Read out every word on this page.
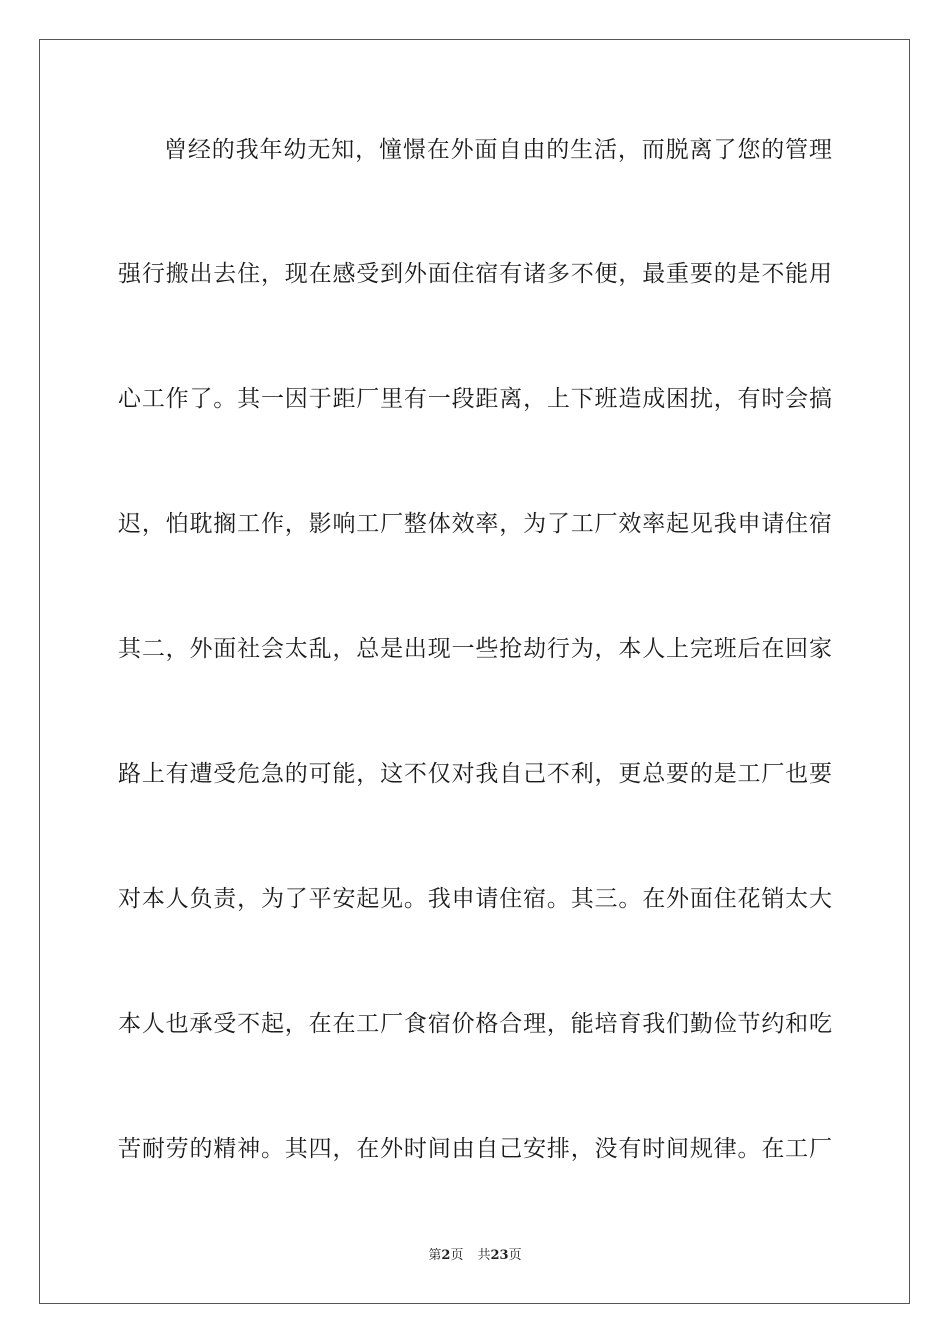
曾经的我年幼无知，憧憬在外面自由的生活，而脱离了您的管理
强行搬出去住，现在感受到外面住宿有诸多不便，最重要的是不能用
心工作了。其一因于距厂里有一段距离，上下班造成困扰，有时会搞
迟，怕耽搁工作，影响工厂整体效率，为了工厂效率起见我申请住宿
其二，外面社会太乱，总是出现一些抢劫行为，本人上完班后在回家
路上有遭受危急的可能，这不仅对我自己不利，更总要的是工厂也要
对本人负责，为了平安起见。我申请住宿。其三。在外面住花销太大
本人也承受不起，在在工厂食宿价格合理，能培育我们勤俭节约和吃
苦耐劳的精神。其四，在外时间由自己安排，没有时间规律。在工厂
第2页 共23页
